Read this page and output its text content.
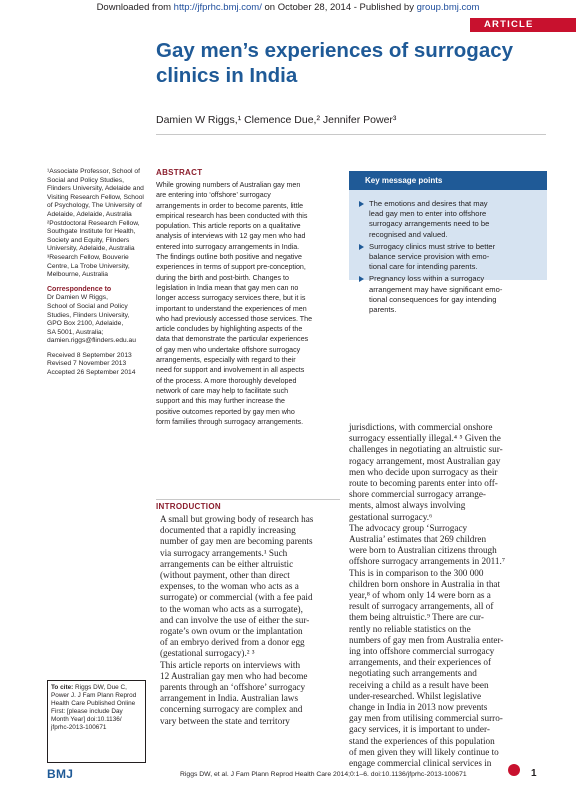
Downloaded from http://jfprhc.bmj.com/ on October 28, 2014 - Published by group.bmj.com
ARTICLE
Gay men’s experiences of surrogacy
clinics in India
Damien W Riggs,¹ Clemence Due,² Jennifer Power³

¹Associate Professor, School of

Social and Policy Studies,

Flinders University, Adelaide and

Visiting Research Fellow, School

of Psychology, The University of

Adelaide, Adelaide, Australia

²Postdoctoral Research Fellow,

Southgate Institute for Health,

Society and Equity, Flinders

University, Adelaide, Australia

³Research Fellow, Bouverie

Centre, La Trobe University,

Melbourne, Australia

Correspondence to

Dr Damien W Riggs,

School of Social and Policy

Studies, Flinders University,

GPO Box 2100, Adelaide,

SA 5001, Australia;

damien.riggs@flinders.edu.au

Received 8 September 2013

Revised 7 November 2013

Accepted 26 September 2014

ABSTRACT
While growing numbers of Australian gay men
are entering into ‘offshore’ surrogacy
arrangements in order to become parents, little
empirical research has been conducted with this
population. This article reports on a qualitative
analysis of interviews with 12 gay men who had
entered into surrogacy arrangements in India.
The findings outline both positive and negative
experiences in terms of support pre-conception,
during the birth and post-birth. Changes to
legislation in India mean that gay men can no
longer access surrogacy services there, but it is
important to understand the experiences of men
who had previously accessed those services. The
article concludes by highlighting aspects of the
data that demonstrate the particular experiences
of gay men who undertake offshore surrogacy
arrangements, especially with regard to their
need for support and involvement in all aspects
of the process. A more thoroughly developed
network of care may help to facilitate such
support and this may further increase the
positive outcomes reported by gay men who
form families through surrogacy arrangements.
Key message points
The emotions and desires that may
lead gay men to enter into offshore
surrogacy arrangements need to be
recognised and valued.
Surrogacy clinics must strive to better
balance service provision with emo-
tional care for intending parents.
Pregnancy loss within a surrogacy
arrangement may have significant emo-
tional consequences for gay intending
parents.
INTRODUCTION
A small but growing body of research has
documented that a rapidly increasing
number of gay men are becoming parents
via surrogacy arrangements.¹ Such
arrangements can be either altruistic
(without payment, other than direct
expenses, to the woman who acts as a
surrogate) or commercial (with a fee paid
to the woman who acts as a surrogate),
and can involve the use of either the sur-
rogate’s own ovum or the implantation
of an embryo derived from a donor egg
(gestational surrogacy).² ³
This article reports on interviews with
12 Australian gay men who had become
parents through an ‘offshore’ surrogacy
arrangement in India. Australian laws
concerning surrogacy are complex and
vary between the state and territory
jurisdictions, with commercial onshore
surrogacy essentially illegal.⁴ ⁵ Given the
challenges in negotiating an altruistic sur-
rogacy arrangement, most Australian gay
men who decide upon surrogacy as their
route to becoming parents enter into off-
shore commercial surrogacy arrange-
ments, almost always involving
gestational surrogacy.⁶
The advocacy group ‘Surrogacy
Australia’ estimates that 269 children
were born to Australian citizens through
offshore surrogacy arrangements in 2011.⁷
This is in comparison to the 300 000
children born onshore in Australia in that
year,⁸ of whom only 14 were born as a
result of surrogacy arrangements, all of
them being altruistic.⁹ There are cur-
rently no reliable statistics on the
numbers of gay men from Australia enter-
ing into offshore commercial surrogacy
arrangements, and their experiences of
negotiating such arrangements and
receiving a child as a result have been
under-researched. Whilst legislative
change in India in 2013 now prevents
gay men from utilising commercial surro-
gacy services, it is important to under-
stand the experiences of this population
of men given they will likely continue to
engage commercial clinical services in
To cite: Riggs DW, Due C,
Power J. J Fam Plann Reprod
Health Care Published Online
First: [please include Day
Month Year] doi:10.1136/
jfprhc-2013-100671
BMJ	Riggs DW, et al. J Fam Plann Reprod Health Care 2014;0:1–6. doi:10.1136/jfprhc-2013-100671	1
